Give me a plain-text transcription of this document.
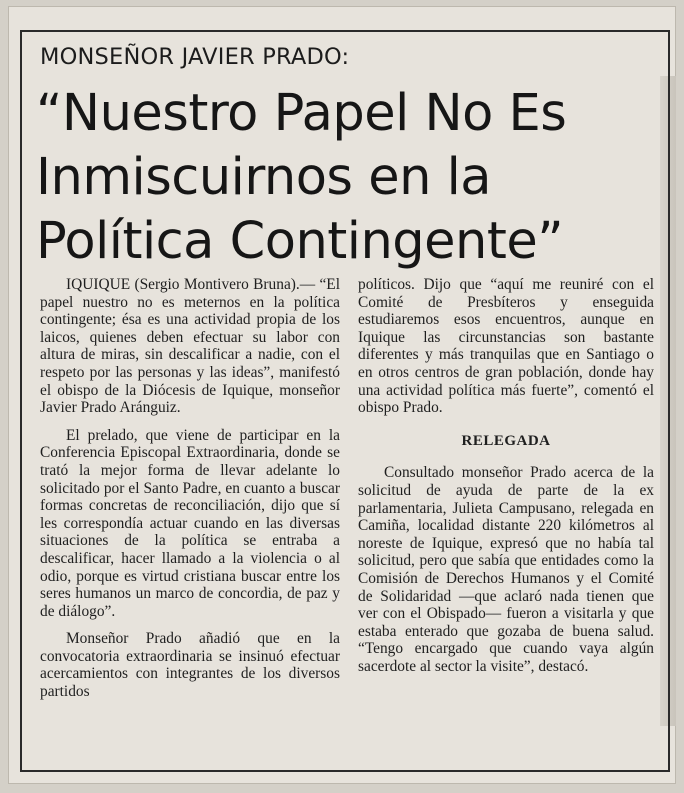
MONSEÑOR JAVIER PRADO:
“Nuestro Papel No Es
Inmiscuirnos en la
Política Contingente”

IQUIQUE (Sergio Montivero Bruna).— “El papel nuestro no es meternos en la política contingente; ésa es una actividad propia de los laicos, quienes deben efectuar su labor con altura de miras, sin descalificar a nadie, con el respeto por las personas y las ideas”, manifestó el obispo de la Diócesis de Iquique, monseñor Javier Prado Aránguiz.

El prelado, que viene de participar en la Conferencia Episcopal Extraordinaria, donde se trató la mejor forma de llevar adelante lo solicitado por el Santo Padre, en cuanto a buscar formas concretas de reconciliación, dijo que sí les correspondía actuar cuando en las diversas situaciones de la política se entraba a descalificar, hacer llamado a la violencia o al odio, porque es virtud cristiana buscar entre los seres humanos un marco de concordia, de paz y de diálogo”.

Monseñor Prado añadió que en la convocatoria extraordinaria se insinuó efectuar acercamientos con integrantes de los diversos partidos

políticos. Dijo que “aquí me reuniré con el Comité de Presbíteros y enseguida estudiaremos esos encuentros, aunque en Iquique las circunstancias son bastante diferentes y más tranquilas que en Santiago o en otros centros de gran población, donde hay una actividad política más fuerte”, comentó el obispo Prado.

RELEGADA

Consultado monseñor Prado acerca de la solicitud de ayuda de parte de la ex parlamentaria, Julieta Campusano, relegada en Camiña, localidad distante 220 kilómetros al noreste de Iquique, expresó que no había tal solicitud, pero que sabía que entidades como la Comisión de Derechos Humanos y el Comité de Solidaridad —que aclaró nada tienen que ver con el Obispado— fueron a visitarla y que estaba enterado que gozaba de buena salud. “Tengo encargado que cuando vaya algún sacerdote al sector la visite”, destacó.
